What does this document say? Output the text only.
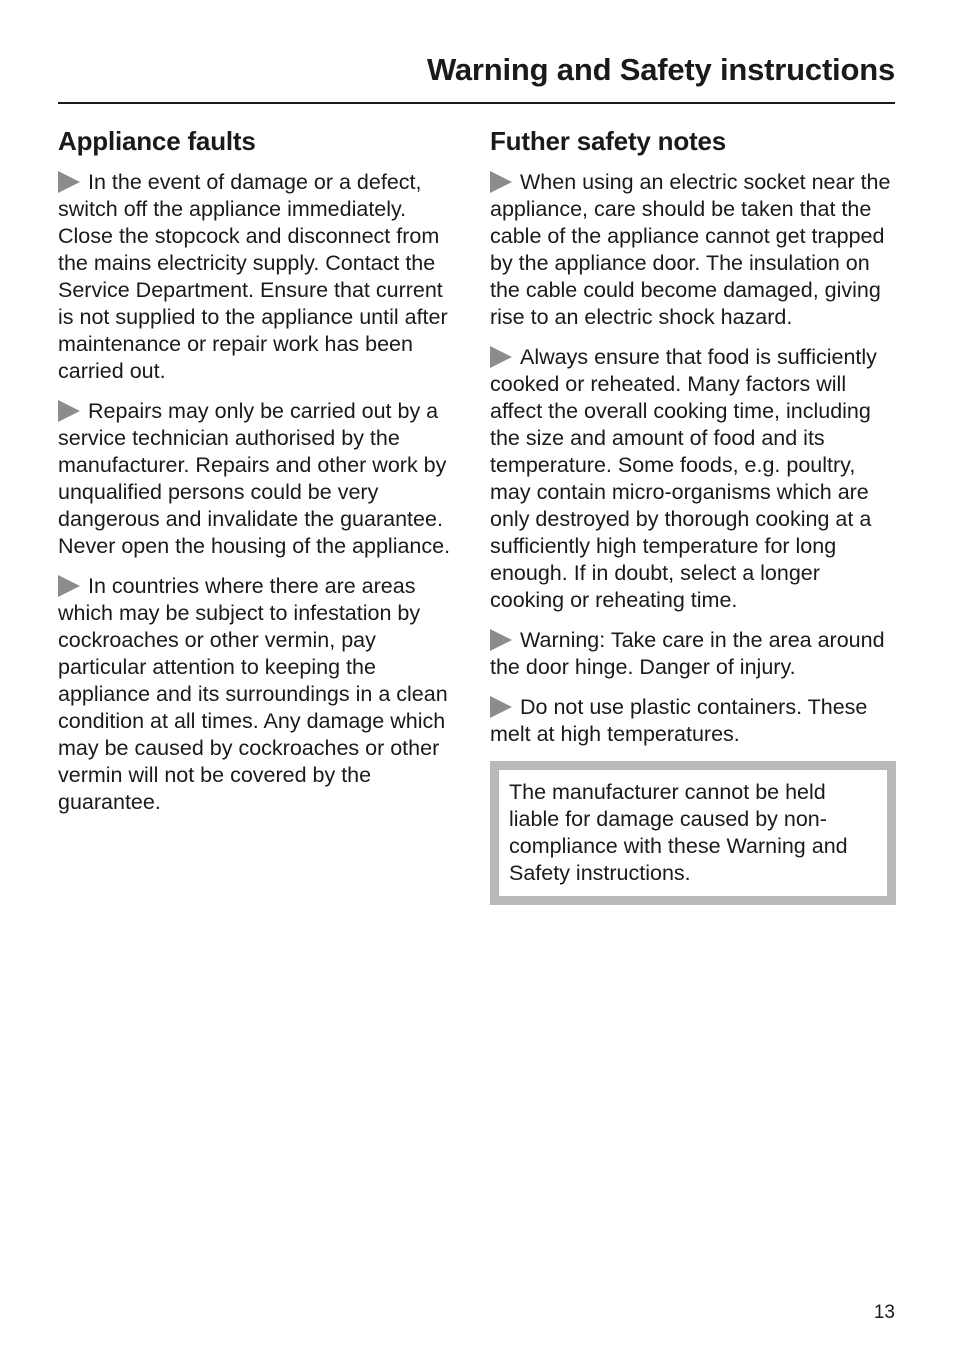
Warning and Safety instructions
Appliance faults

In the event of damage or a defect, switch off the appliance immediately. Close the stopcock and disconnect from the mains electricity supply. Contact the Service Department. Ensure that current is not supplied to the appliance until after maintenance or repair work has been carried out.

Repairs may only be carried out by a service technician authorised by the manufacturer. Repairs and other work by unqualified persons could be very dangerous and invalidate the guarantee. Never open the housing of the appliance.

In countries where there are areas which may be subject to infestation by cockroaches or other vermin, pay particular attention to keeping the appliance and its surroundings in a clean condition at all times. Any damage which may be caused by cockroaches or other vermin will not be covered by the guarantee.

Futher safety notes

When using an electric socket near the appliance, care should be taken that the cable of the appliance cannot get trapped by the appliance door. The insulation on the cable could become damaged, giving rise to an electric shock hazard.

Always ensure that food is sufficiently cooked or reheated. Many factors will affect the overall cooking time, including the size and amount of food and its temperature. Some foods, e.g. poultry, may contain micro-organisms which are only destroyed by thorough cooking at a sufficiently high temperature for long enough. If in doubt, select a longer cooking or reheating time.

Warning: Take care in the area around the door hinge. Danger of injury.

Do not use plastic containers. These melt at high temperatures.

The manufacturer cannot be held liable for damage caused by non-compliance with these Warning and Safety instructions.
13
